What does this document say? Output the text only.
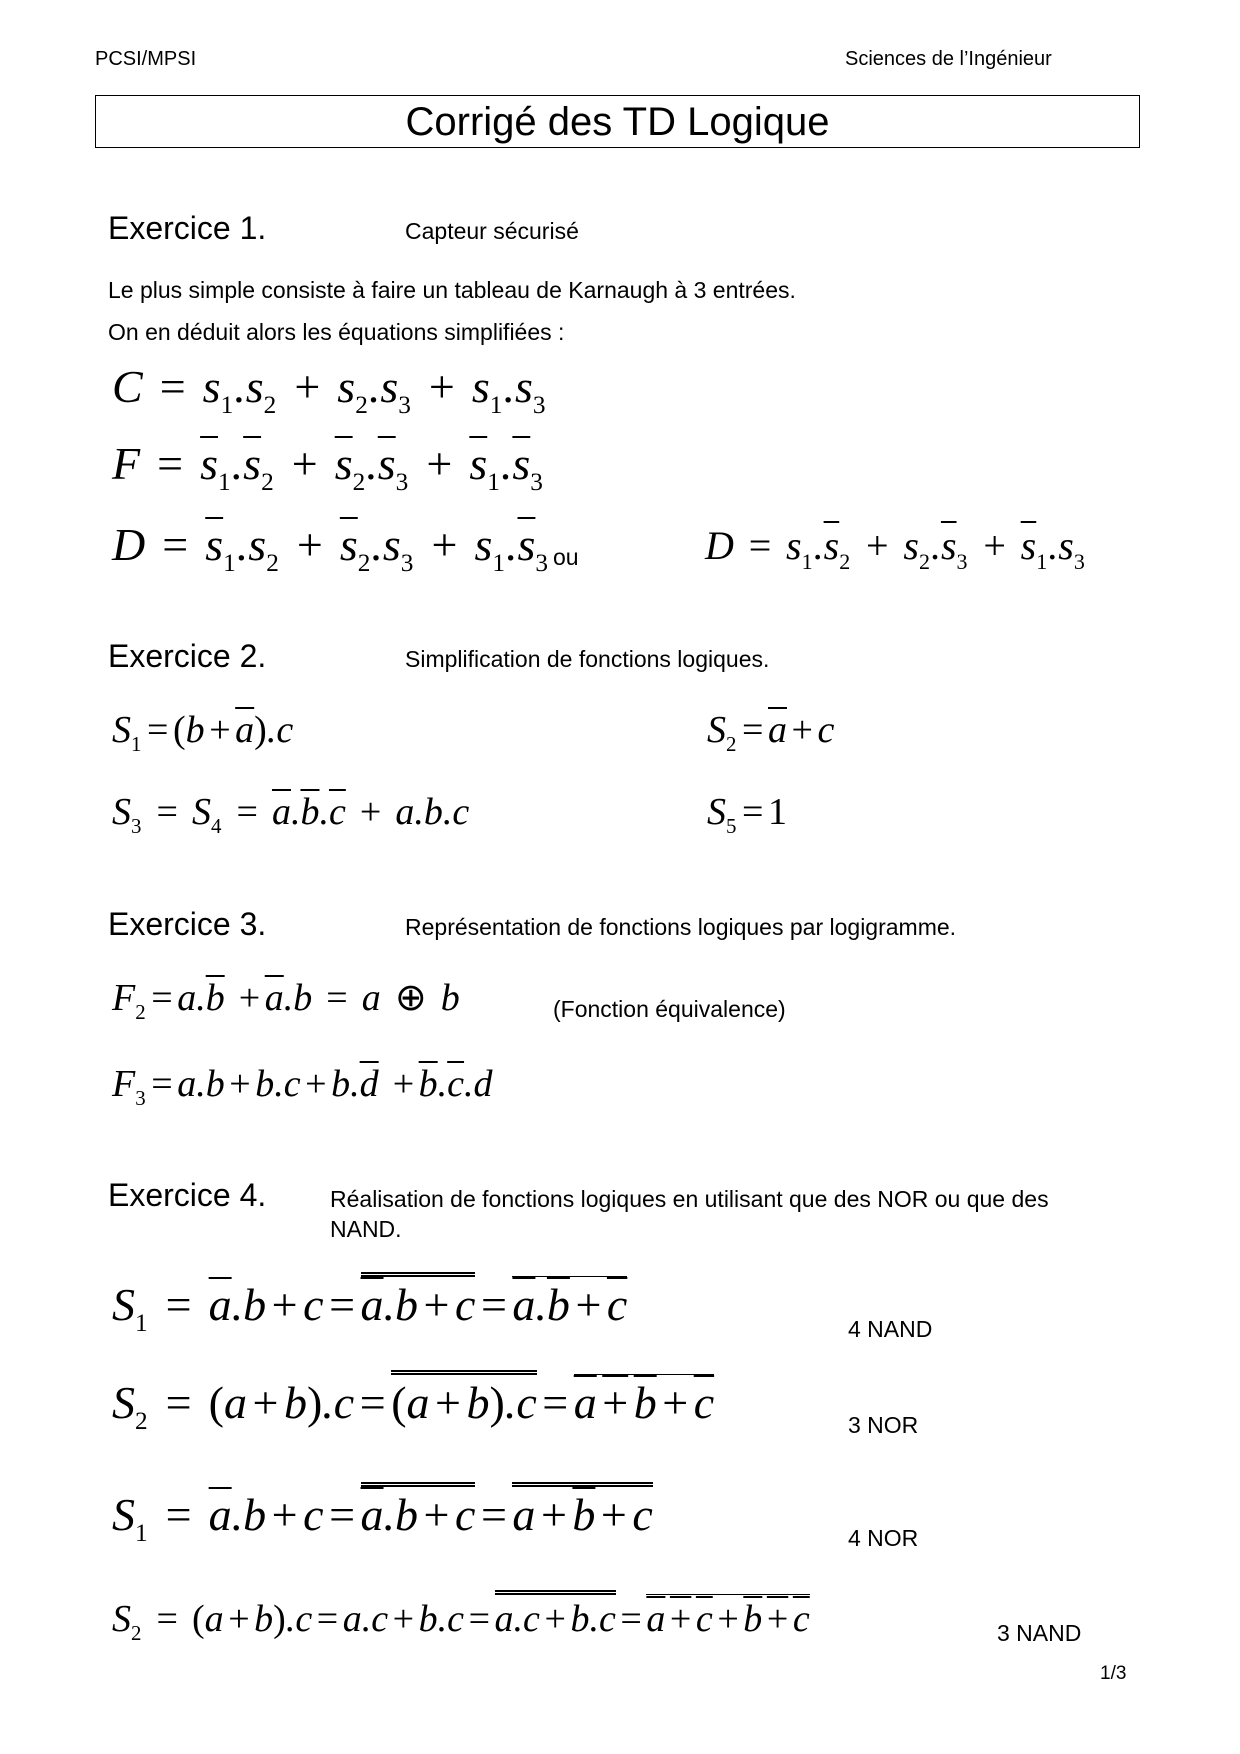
PCSI/MPSI	Sciences de l’Ingénieur
Corrigé des TD Logique
Exercice 1.	Capteur sécurisé
Le plus simple consiste à faire un tableau de Karnaugh à 3 entrées.
On en déduit alors les équations simplifiées :
$C = s_1.s_2 + s_2.s_3 + s_1.s_3$
$F = \overline{s}_1.\overline{s}_2 + \overline{s}_2.\overline{s}_3 + \overline{s}_1.\overline{s}_3$
$D = \overline{s}_1.s_2 + \overline{s}_2.s_3 + s_1.\overline{s}_3$ ou	$D = s_1.\overline{s}_2 + s_2.\overline{s}_3 + \overline{s}_1.s_3$
Exercice 2.	Simplification de fonctions logiques.
$S_1 = (b + \overline{a}).c$	$S_2 = \overline{a} + c$
$S_3 = S_4 = \overline{a}.\overline{b}.\overline{c} + a.b.c$	$S_5 = 1$
Exercice 3.	Représentation de fonctions logiques par logigramme.
$F_2 = a.\overline{b} + \overline{a}.b = a$ ⊕ b	(Fonction équivalence)
$F_3 = a.b + b.c + b.\overline{d} + \overline{b}.\overline{c}.d$
Exercice 4.	Réalisation de fonctions logiques en utilisant que des NOR ou que des
NAND.
$S_1 = \overline{a}.b + c = \overline{a}.b + c = \overline{a}.\overline{b} + \overline{c}$	4 NAND
$S_2 = (a + b).c = (a + b).c = a + b + \overline{c}$	3 NOR
$S_1 = \overline{a}.b + c = \overline{a}.b + c = a + \overline{b} + c$	4 NOR
$S_2 = (a + b).c = a.c + b.c = a.c + b.c = a + c + b + c$	3 NAND
1/3
